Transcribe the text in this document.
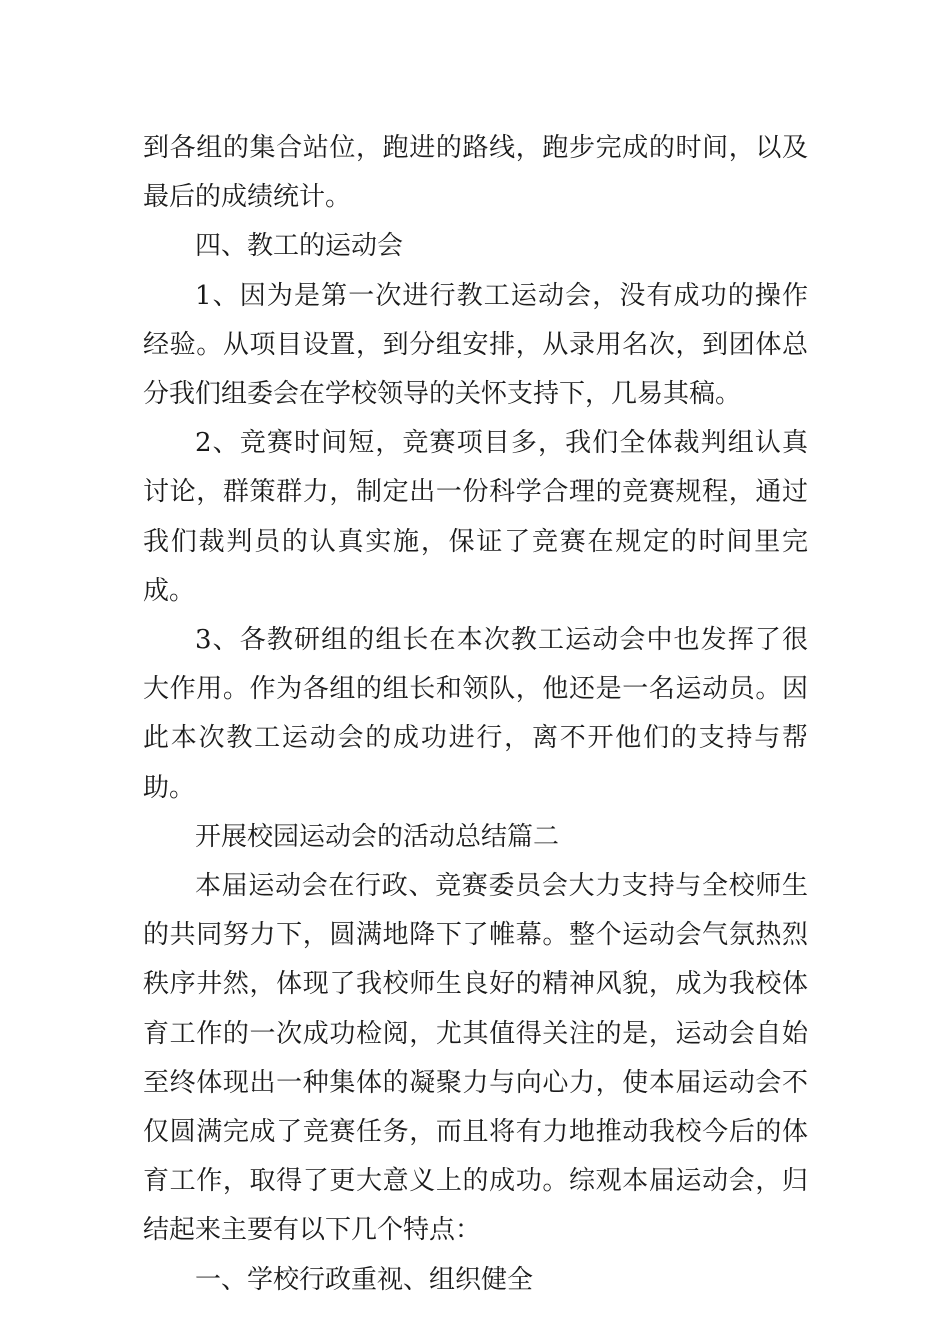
到各组的集合站位，跑进的路线，跑步完成的时间，以及最后的成绩统计。

四、教工的运动会

1、因为是第一次进行教工运动会，没有成功的操作经验。从项目设置，到分组安排，从录用名次，到团体总分我们组委会在学校领导的关怀支持下，几易其稿。

2、竞赛时间短，竞赛项目多，我们全体裁判组认真讨论，群策群力，制定出一份科学合理的竞赛规程，通过我们裁判员的认真实施，保证了竞赛在规定的时间里完成。

3、各教研组的组长在本次教工运动会中也发挥了很大作用。作为各组的组长和领队，他还是一名运动员。因此本次教工运动会的成功进行，离不开他们的支持与帮助。

开展校园运动会的活动总结篇二

本届运动会在行政、竞赛委员会大力支持与全校师生的共同努力下，圆满地降下了帷幕。整个运动会气氛热烈秩序井然，体现了我校师生良好的精神风貌，成为我校体育工作的一次成功检阅，尤其值得关注的是，运动会自始至终体现出一种集体的凝聚力与向心力，使本届运动会不仅圆满完成了竞赛任务，而且将有力地推动我校今后的体育工作，取得了更大意义上的成功。综观本届运动会，归结起来主要有以下几个特点：

一、学校行政重视、组织健全
